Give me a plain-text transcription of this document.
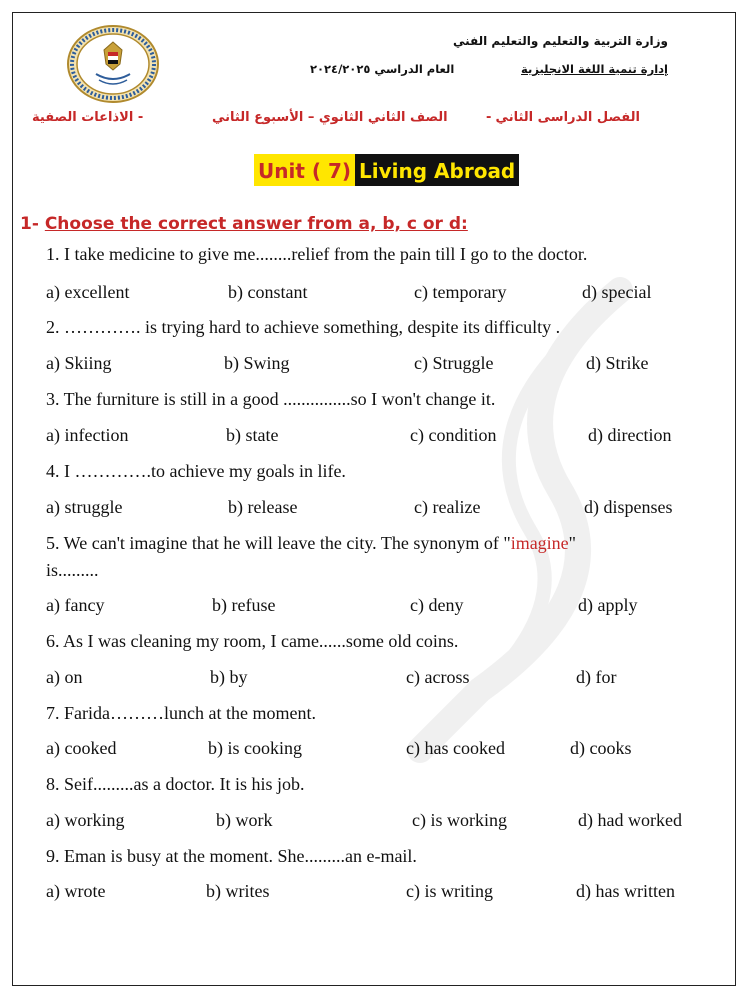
وزارة التربية والتعليم والتعليم الفني
إدارة تنمية اللغة الانجليزية
العام الدراسي ٢٠٢٤/٢٠٢٥
الفصل الدراسى الثاني
-
الصف الثاني الثانوي – الأسبوع الثاني
- الاذاعات الصفية
Unit ( 7) Living Abroad
1- Choose the correct answer from a, b, c or d:
1. I take medicine to give me........relief from the pain till I go to the doctor.
a) excellent	b) constant	c) temporary	d) special
2. …………. is trying hard to achieve something, despite its difficulty .
a) Skiing	b) Swing	c) Struggle	d) Strike
3. The furniture is still in a good ...............so I won't change it.
a) infection	b) state	c) condition	d) direction
4. I ………….to achieve my goals in life.
a) struggle	b) release	c) realize	d) dispenses
5. We can't imagine that he will leave the city. The synonym of "imagine"
is.........
a) fancy	b) refuse	c) deny	d) apply
6. As I was cleaning my room, I came......some old coins.
a) on	b) by	c) across	d) for
7. Farida………lunch at the moment.
a) cooked	b) is cooking	c) has cooked	d) cooks
8. Seif.........as a doctor. It is his job.
a) working	b) work	c) is working	d) had worked
9. Eman is busy at the moment. She.........an e-mail.
a) wrote	b) writes	c) is writing	d) has written
